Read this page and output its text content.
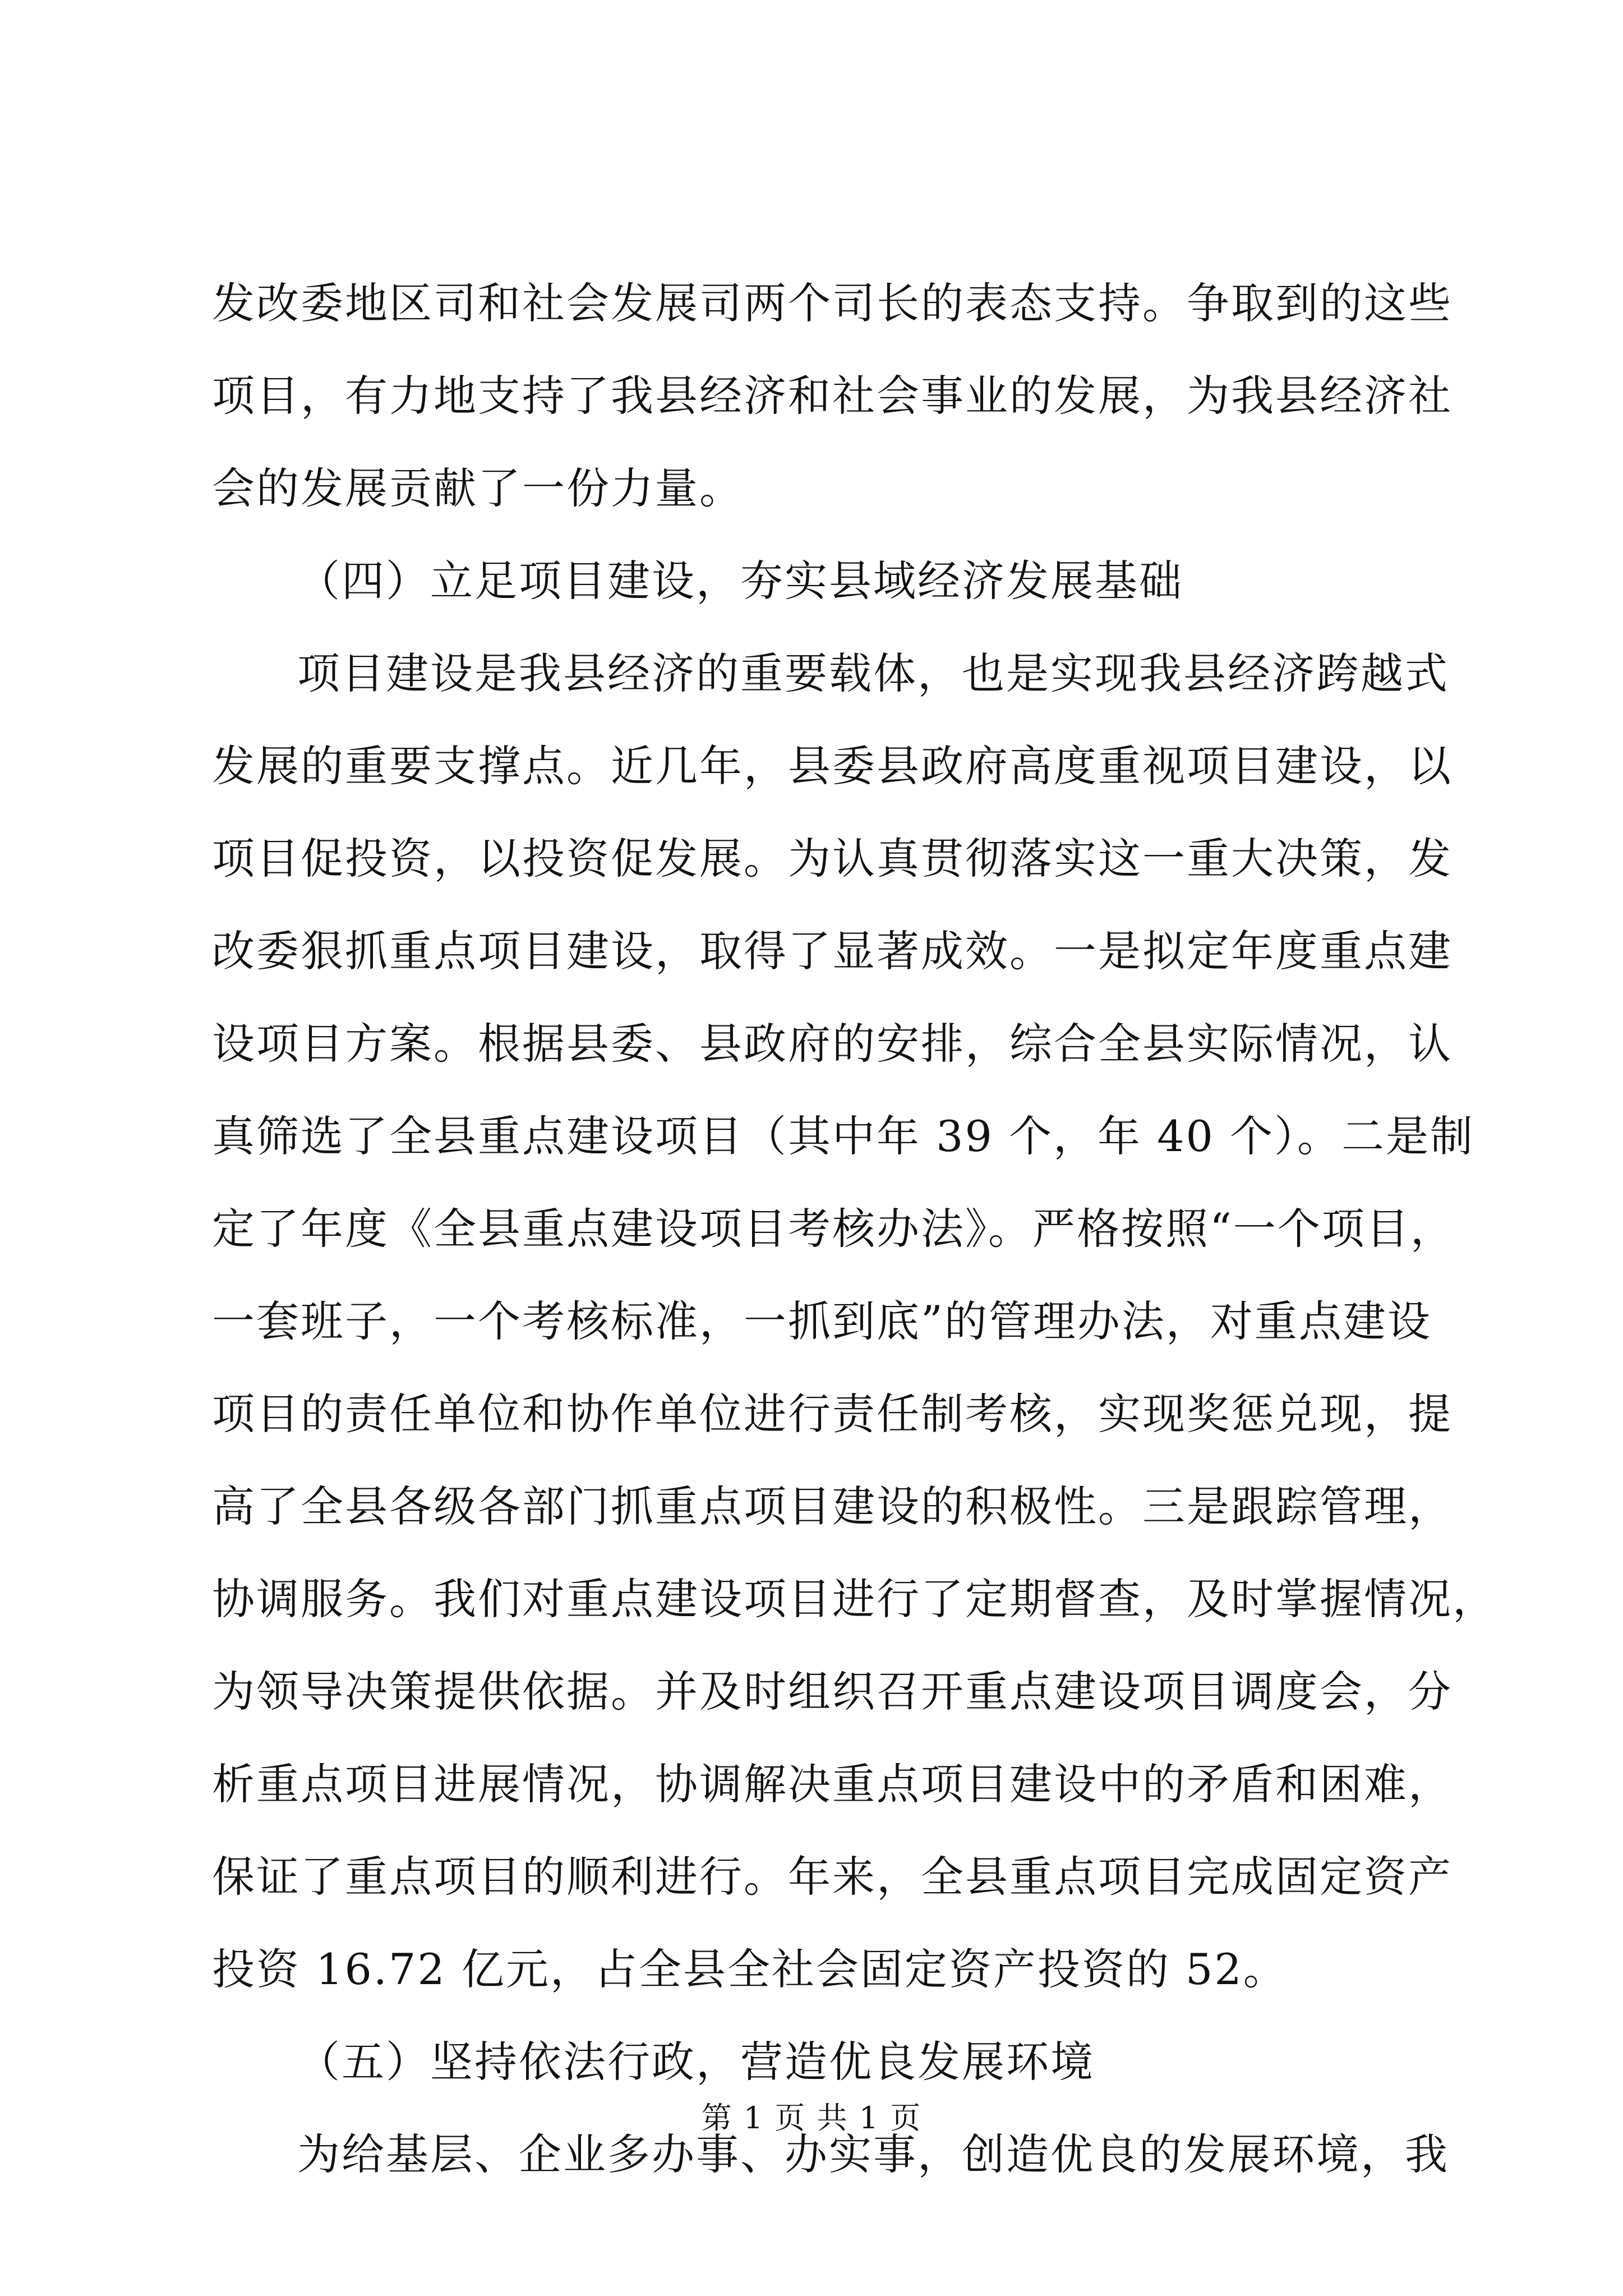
发改委地区司和社会发展司两个司长的表态支持。争取到的这些
项目，有力地支持了我县经济和社会事业的发展，为我县经济社
会的发展贡献了一份力量。
（四）立足项目建设，夯实县域经济发展基础
项目建设是我县经济的重要载体，也是实现我县经济跨越式
发展的重要支撑点。近几年，县委县政府高度重视项目建设，以
项目促投资，以投资促发展。为认真贯彻落实这一重大决策，发
改委狠抓重点项目建设，取得了显著成效。一是拟定年度重点建
设项目方案。根据县委、县政府的安排，综合全县实际情况，认
真筛选了全县重点建设项目（其中年 39 个，年 40 个）。二是制
定了年度《全县重点建设项目考核办法》。严格按照“一个项目，
一套班子，一个考核标准，一抓到底”的管理办法，对重点建设
项目的责任单位和协作单位进行责任制考核，实现奖惩兑现，提
高了全县各级各部门抓重点项目建设的积极性。三是跟踪管理，
协调服务。我们对重点建设项目进行了定期督查，及时掌握情况，
为领导决策提供依据。并及时组织召开重点建设项目调度会，分
析重点项目进展情况，协调解决重点项目建设中的矛盾和困难，
保证了重点项目的顺利进行。年来，全县重点项目完成固定资产
投资 16.72 亿元，占全县全社会固定资产投资的 52。
（五）坚持依法行政，营造优良发展环境
为给基层、企业多办事、办实事，创造优良的发展环境，我
第 1 页 共 1 页
